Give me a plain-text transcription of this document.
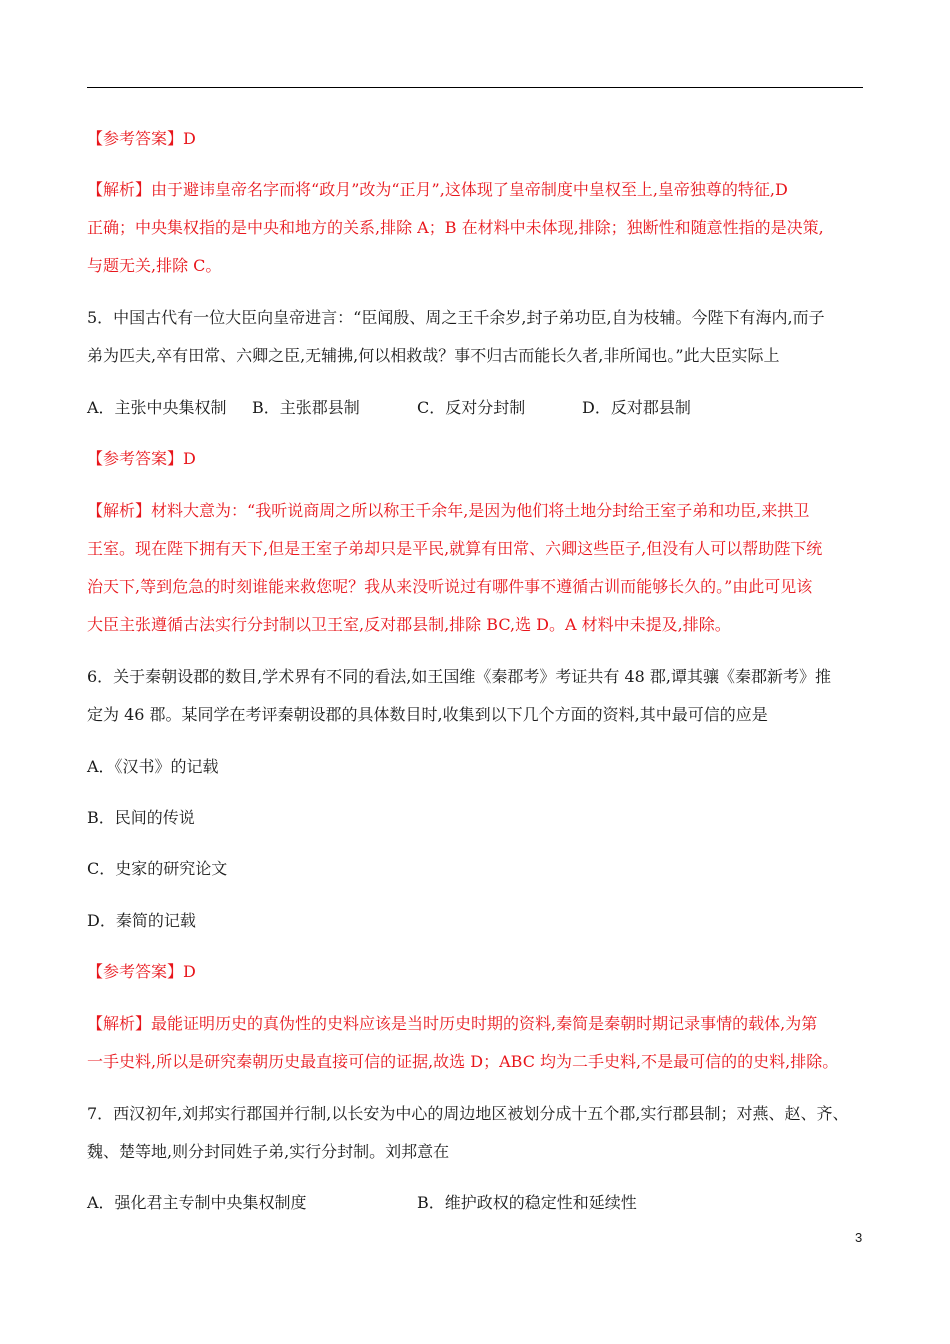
【参考答案】D
【解析】由于避讳皇帝名字而将“政月”改为“正月”,这体现了皇帝制度中皇权至上,皇帝独尊的特征,D
正确；中央集权指的是中央和地方的关系,排除 A；B 在材料中未体现,排除；独断性和随意性指的是决策,
与题无关,排除 C。
5．中国古代有一位大臣向皇帝进言：“臣闻殷、周之王千余岁,封子弟功臣,自为枝辅。今陛下有海内,而子
弟为匹夫,卒有田常、六卿之臣,无辅拂,何以相救哉？事不归古而能长久者,非所闻也。”此大臣实际上
A．主张中央集权制 B．主张郡县制	C．反对分封制	D．反对郡县制
【参考答案】D
【解析】材料大意为：“我听说商周之所以称王千余年,是因为他们将土地分封给王室子弟和功臣,来拱卫
王室。现在陛下拥有天下,但是王室子弟却只是平民,就算有田常、六卿这些臣子,但没有人可以帮助陛下统
治天下,等到危急的时刻谁能来救您呢？我从来没听说过有哪件事不遵循古训而能够长久的。”由此可见该
大臣主张遵循古法实行分封制以卫王室,反对郡县制,排除 BC,选 D。A 材料中未提及,排除。
6．关于秦朝设郡的数目,学术界有不同的看法,如王国维《秦郡考》考证共有 48 郡,谭其骧《秦郡新考》推
定为 46 郡。某同学在考评秦朝设郡的具体数目时,收集到以下几个方面的资料,其中最可信的应是
A．《汉书》的记载
B．民间的传说
C．史家的研究论文
D．秦简的记载
【参考答案】D
【解析】最能证明历史的真伪性的史料应该是当时历史时期的资料,秦简是秦朝时期记录事情的载体,为第
一手史料,所以是研究秦朝历史最直接可信的证据,故选 D；ABC 均为二手史料,不是最可信的的史料,排除。
7．西汉初年,刘邦实行郡国并行制,以长安为中心的周边地区被划分成十五个郡,实行郡县制；对燕、赵、齐、
魏、楚等地,则分封同姓子弟,实行分封制。刘邦意在
A．强化君主专制中央集权制度	B．维护政权的稳定性和延续性
3
